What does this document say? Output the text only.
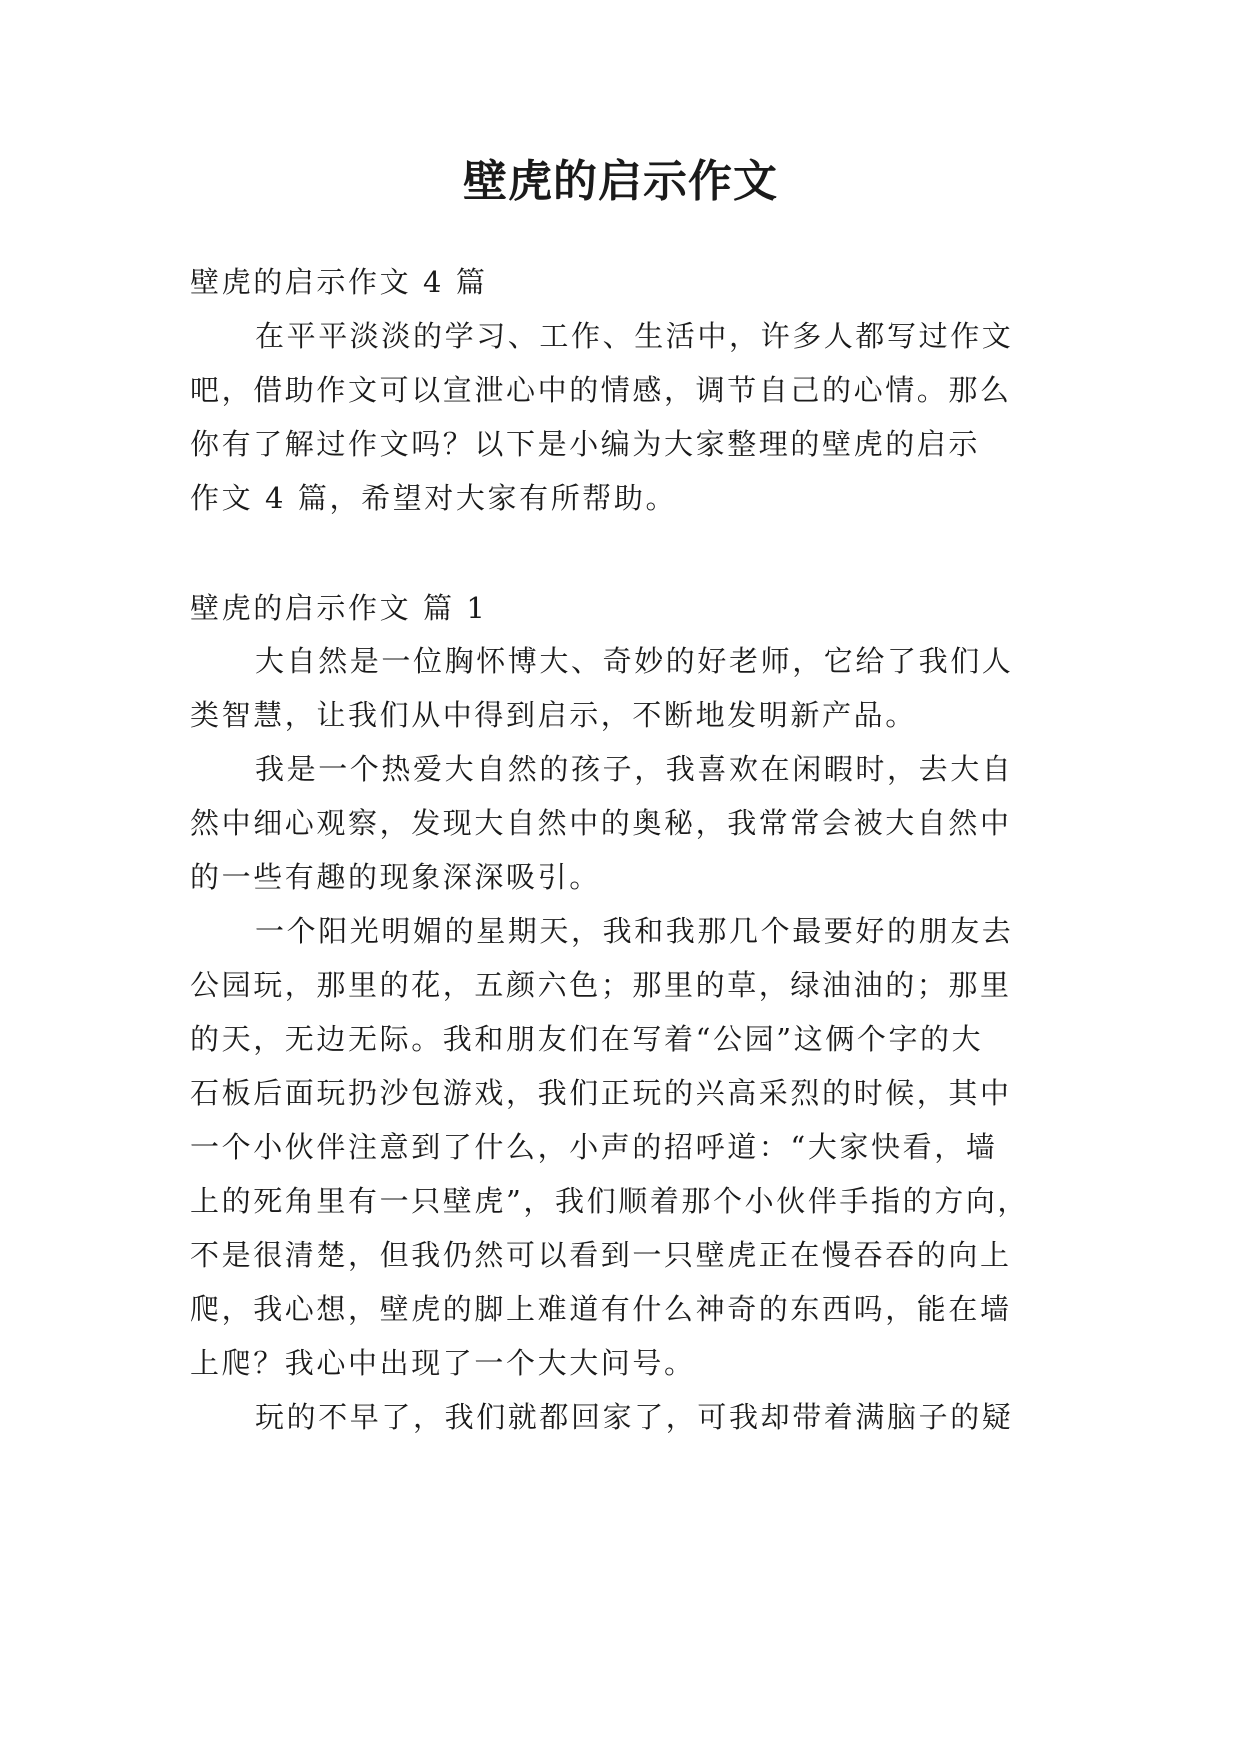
壁虎的启示作文

壁虎的启示作文 4 篇

在平平淡淡的学习、工作、生活中，许多人都写过作文

吧，借助作文可以宣泄心中的情感，调节自己的心情。那么

你有了解过作文吗？以下是小编为大家整理的壁虎的启示

作文 4 篇，希望对大家有所帮助。

壁虎的启示作文 篇 1

大自然是一位胸怀博大、奇妙的好老师，它给了我们人

类智慧，让我们从中得到启示，不断地发明新产品。

我是一个热爱大自然的孩子，我喜欢在闲暇时，去大自

然中细心观察，发现大自然中的奥秘，我常常会被大自然中

的一些有趣的现象深深吸引。

一个阳光明媚的星期天，我和我那几个最要好的朋友去

公园玩，那里的花，五颜六色；那里的草，绿油油的；那里

的天，无边无际。我和朋友们在写着“公园”这俩个字的大

石板后面玩扔沙包游戏，我们正玩的兴高采烈的时候，其中

一个小伙伴注意到了什么，小声的招呼道：“大家快看，墙

上的死角里有一只壁虎”，我们顺着那个小伙伴手指的方向，

不是很清楚，但我仍然可以看到一只壁虎正在慢吞吞的向上

爬，我心想，壁虎的脚上难道有什么神奇的东西吗，能在墙

上爬？我心中出现了一个大大问号。

玩的不早了，我们就都回家了，可我却带着满脑子的疑
